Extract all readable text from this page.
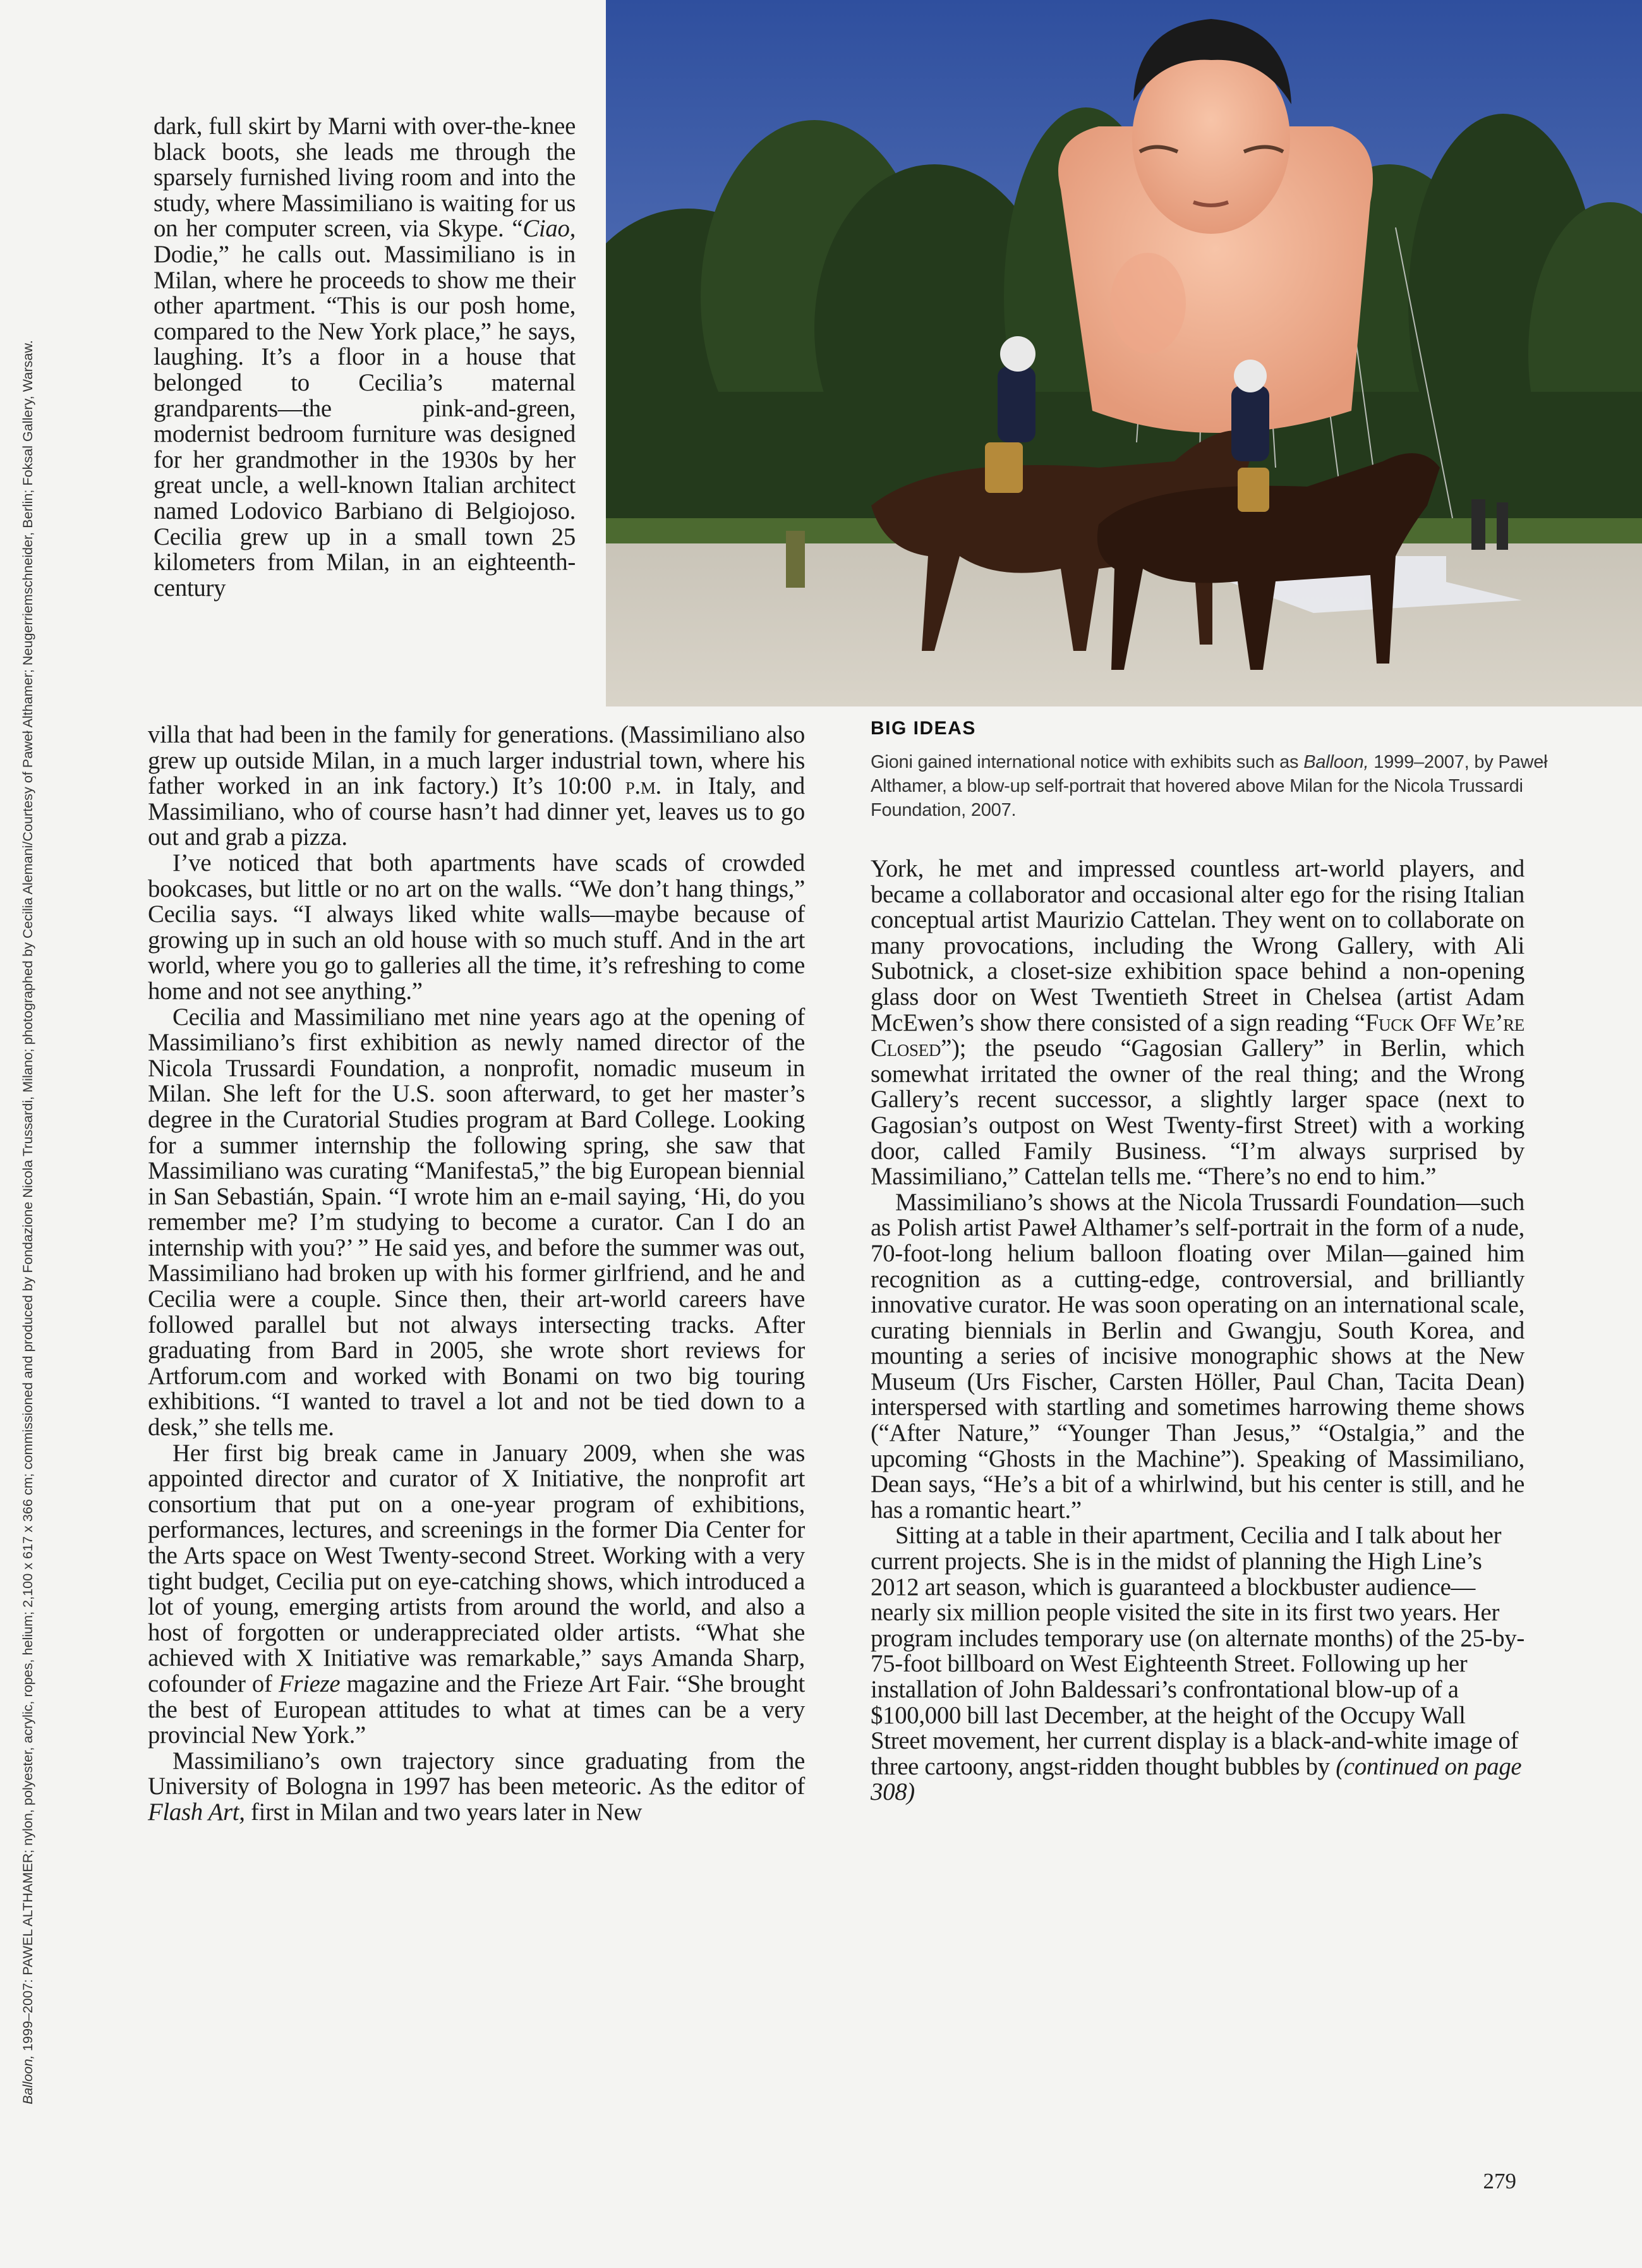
Balloon, 1999–2007: PAWEL ALTHAMER; nylon, polyester, acrylic, ropes, helium; 2,100 x 617 x 366 cm; commissioned and produced by Fondazione Nicola Trussardi, Milano; photographed by Cecilia Alemani/Courtesy of Paweł Althamer; Neugerriemschneider, Berlin; Foksal Gallery, Warsaw.	BIG IDEAS

Gioni gained international notice with exhibits such as Balloon, 1999–2007, by Paweł Althamer, a blow-up self-portrait that hovered above Milan for the Nicola Trussardi Foundation, 2007.

dark, full skirt by Marni with over-the-knee black boots, she leads me through the sparsely furnished living room and into the study, where Massimiliano is waiting for us on her computer screen, via Skype. “Ciao, Dodie,” he calls out. Massimiliano is in Milan, where he proceeds to show me their other apartment. “This is our posh home, compared to the New York place,” he says, laughing. It’s a floor in a house that belonged to Cecilia’s maternal grandparents—the pink-and-green, modernist bedroom furniture was designed for her grandmother in the 1930s by her great uncle, a well-known Italian architect named Lodovico Barbiano di Belgiojoso. Cecilia grew up in a small town 25 kilometers from Milan, in an eighteenth-century

villa that had been in the family for generations. (Massimiliano also grew up outside Milan, in a much larger industrial town, where his father worked in an ink factory.) It’s 10:00 p.m. in Italy, and Massimiliano, who of course hasn’t had dinner yet, leaves us to go out and grab a pizza.

I’ve noticed that both apartments have scads of crowded bookcases, but little or no art on the walls. “We don’t hang things,” Cecilia says. “I always liked white walls—maybe because of growing up in such an old house with so much stuff. And in the art world, where you go to galleries all the time, it’s refreshing to come home and not see anything.”

Cecilia and Massimiliano met nine years ago at the opening of Massimiliano’s first exhibition as newly named director of the Nicola Trussardi Foundation, a nonprofit, nomadic museum in Milan. She left for the U.S. soon afterward, to get her master’s degree in the Curatorial Studies program at Bard College. Looking for a summer internship the following spring, she saw that Massimiliano was curating “Manifesta5,” the big European biennial in San Sebastián, Spain. “I wrote him an e-mail saying, ‘Hi, do you remember me? I’m studying to become a curator. Can I do an internship with you?’ ” He said yes, and before the summer was out, Massimiliano had broken up with his former girlfriend, and he and Cecilia were a couple. Since then, their art-world careers have followed parallel but not always intersecting tracks. After graduating from Bard in 2005, she wrote short reviews for Artforum.com and worked with Bonami on two big touring exhibitions. “I wanted to travel a lot and not be tied down to a desk,” she tells me.

Her first big break came in January 2009, when she was appointed director and curator of X Initiative, the nonprofit art consortium that put on a one-year program of exhibitions, performances, lectures, and screenings in the former Dia Center for the Arts space on West Twenty-second Street. Working with a very tight budget, Cecilia put on eye-catching shows, which introduced a lot of young, emerging artists from around the world, and also a host of forgotten or underappreciated older artists. “What she achieved with X Initiative was remarkable,” says Amanda Sharp, cofounder of Frieze magazine and the Frieze Art Fair. “She brought the best of European attitudes to what at times can be a very provincial New York.”

Massimiliano’s own trajectory since graduating from the University of Bologna in 1997 has been meteoric. As the editor of Flash Art, first in Milan and two years later in New

York, he met and impressed countless art-world players, and became a collaborator and occasional alter ego for the rising Italian conceptual artist Maurizio Cattelan. They went on to collaborate on many provocations, including the Wrong Gallery, with Ali Subotnick, a closet-size exhibition space behind a non-opening glass door on West Twentieth Street in Chelsea (artist Adam McEwen’s show there consisted of a sign reading “Fuck Off We’re Closed”); the pseudo “Gagosian Gallery” in Berlin, which somewhat irritated the owner of the real thing; and the Wrong Gallery’s recent successor, a slightly larger space (next to Gagosian’s outpost on West Twenty-first Street) with a working door, called Family Business. “I’m always surprised by Massimiliano,” Cattelan tells me. “There’s no end to him.”

Massimiliano’s shows at the Nicola Trussardi Foundation—such as Polish artist Paweł Althamer’s self-portrait in the form of a nude, 70-foot-long helium balloon floating over Milan—gained him recognition as a cutting-edge, controversial, and brilliantly innovative curator. He was soon operating on an international scale, curating biennials in Berlin and Gwangju, South Korea, and mounting a series of incisive monographic shows at the New Museum (Urs Fischer, Carsten Höller, Paul Chan, Tacita Dean) interspersed with startling and sometimes harrowing theme shows (“After Nature,” “Younger Than Jesus,” “Ostalgia,” and the upcoming “Ghosts in the Machine”). Speaking of Massimiliano, Dean says, “He’s a bit of a whirlwind, but his center is still, and he has a romantic heart.”

Sitting at a table in their apartment, Cecilia and I talk about her current projects. She is in the midst of planning the High Line’s 2012 art season, which is guaranteed a blockbuster audience—nearly six million people visited the site in its first two years. Her program includes temporary use (on alternate months) of the 25-by-75-foot billboard on West Eighteenth Street. Following up her installation of John Baldessari’s confrontational blow-up of a $100,000 bill last December, at the height of the Occupy Wall Street movement, her current display is a black-and-white image of three cartoony, angst-ridden thought bubbles by (continued on page 308)

279
